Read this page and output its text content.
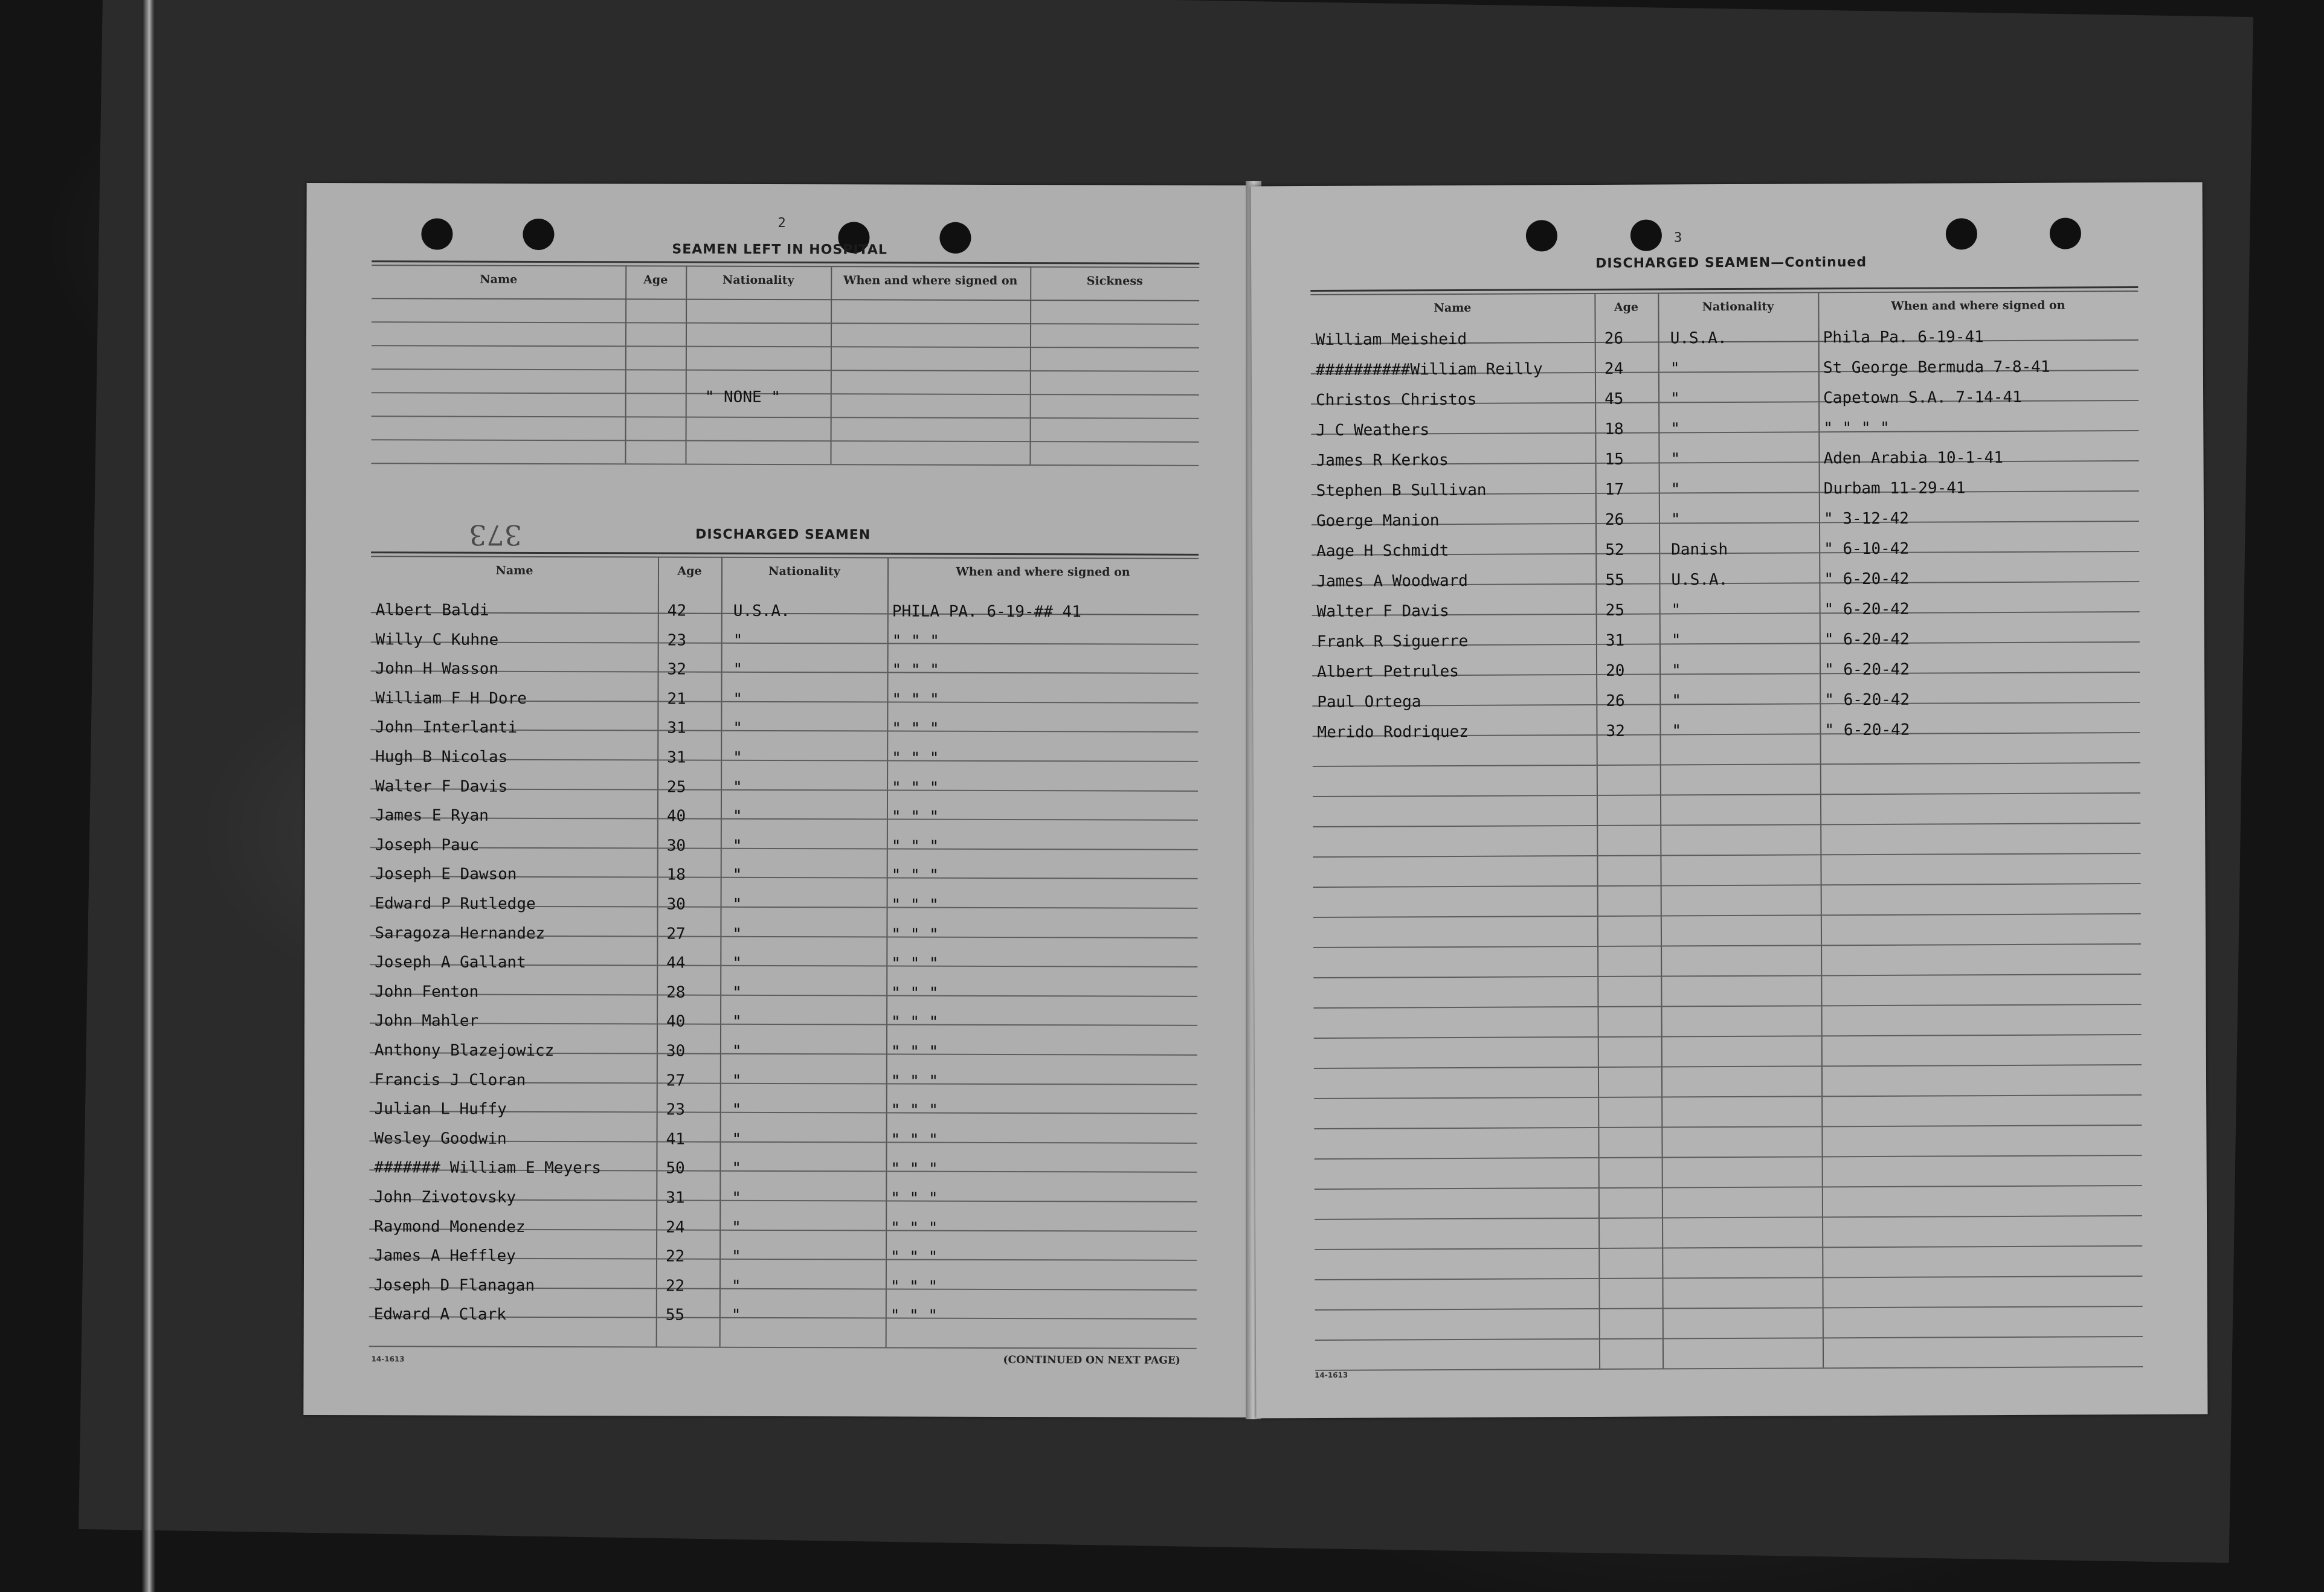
2
SEAMEN LEFT IN HOSPITAL
Name	Age	Nationality	When and where signed on	Sickness
" NONE "
373	DISCHARGED SEAMEN
Name	Age	Nationality	When and where signed on
Albert Baldi	42	U.S.A.	PHILA PA. 6-19-## 41
Willy C Kuhne	23	"	" " "
John H Wasson	32	"	" " "
William F H Dore	21	"	" " "
John Interlanti	31	"	" " "
Hugh B Nicolas	31	"	" " "
Walter F Davis	25	"	" " "
James E Ryan	40	"	" " "
Joseph Pauc	30	"	" " "
Joseph E Dawson	18	"	" " "
Edward P Rutledge	30	"	" " "
Saragoza Hernandez	27	"	" " "
Joseph A Gallant	44	"	" " "
John Fenton	28	"	" " "
John Mahler	40	"	" " "
Anthony Blazejowicz	30	"	" " "
Francis J Cloran	27	"	" " "
Julian L Huffy	23	"	" " "
Wesley Goodwin	41	"	" " "
####### William E Meyers	50	"	" " "
John Zivotovsky	31	"	" " "
Raymond Monendez	24	"	" " "
James A Heffley	22	"	" " "
Joseph D Flanagan	22	"	" " "
Edward A Clark	55	"	" " "
14-1613	(CONTINUED ON NEXT PAGE)
3
DISCHARGED SEAMEN—Continued
Name	Age	Nationality	When and where signed on
William Meisheid	26	U.S.A.	Phila Pa. 6-19-41
##########William Reilly	24	"	St George Bermuda 7-8-41
Christos Christos	45	"	Capetown S.A. 7-14-41
J C Weathers	18	"	" " " "
James R Kerkos	15	"	Aden Arabia 10-1-41
Stephen B Sullivan	17	"	Durbam 11-29-41
Goerge Manion	26	"	" 3-12-42
Aage H Schmidt	52	Danish	" 6-10-42
James A Woodward	55	U.S.A.	" 6-20-42
Walter F Davis	25	"	" 6-20-42
Frank R Siguerre	31	"	" 6-20-42
Albert Petrules	20	"	" 6-20-42
Paul Ortega	26	"	" 6-20-42
Merido Rodriquez	32	"	" 6-20-42
14-1613
